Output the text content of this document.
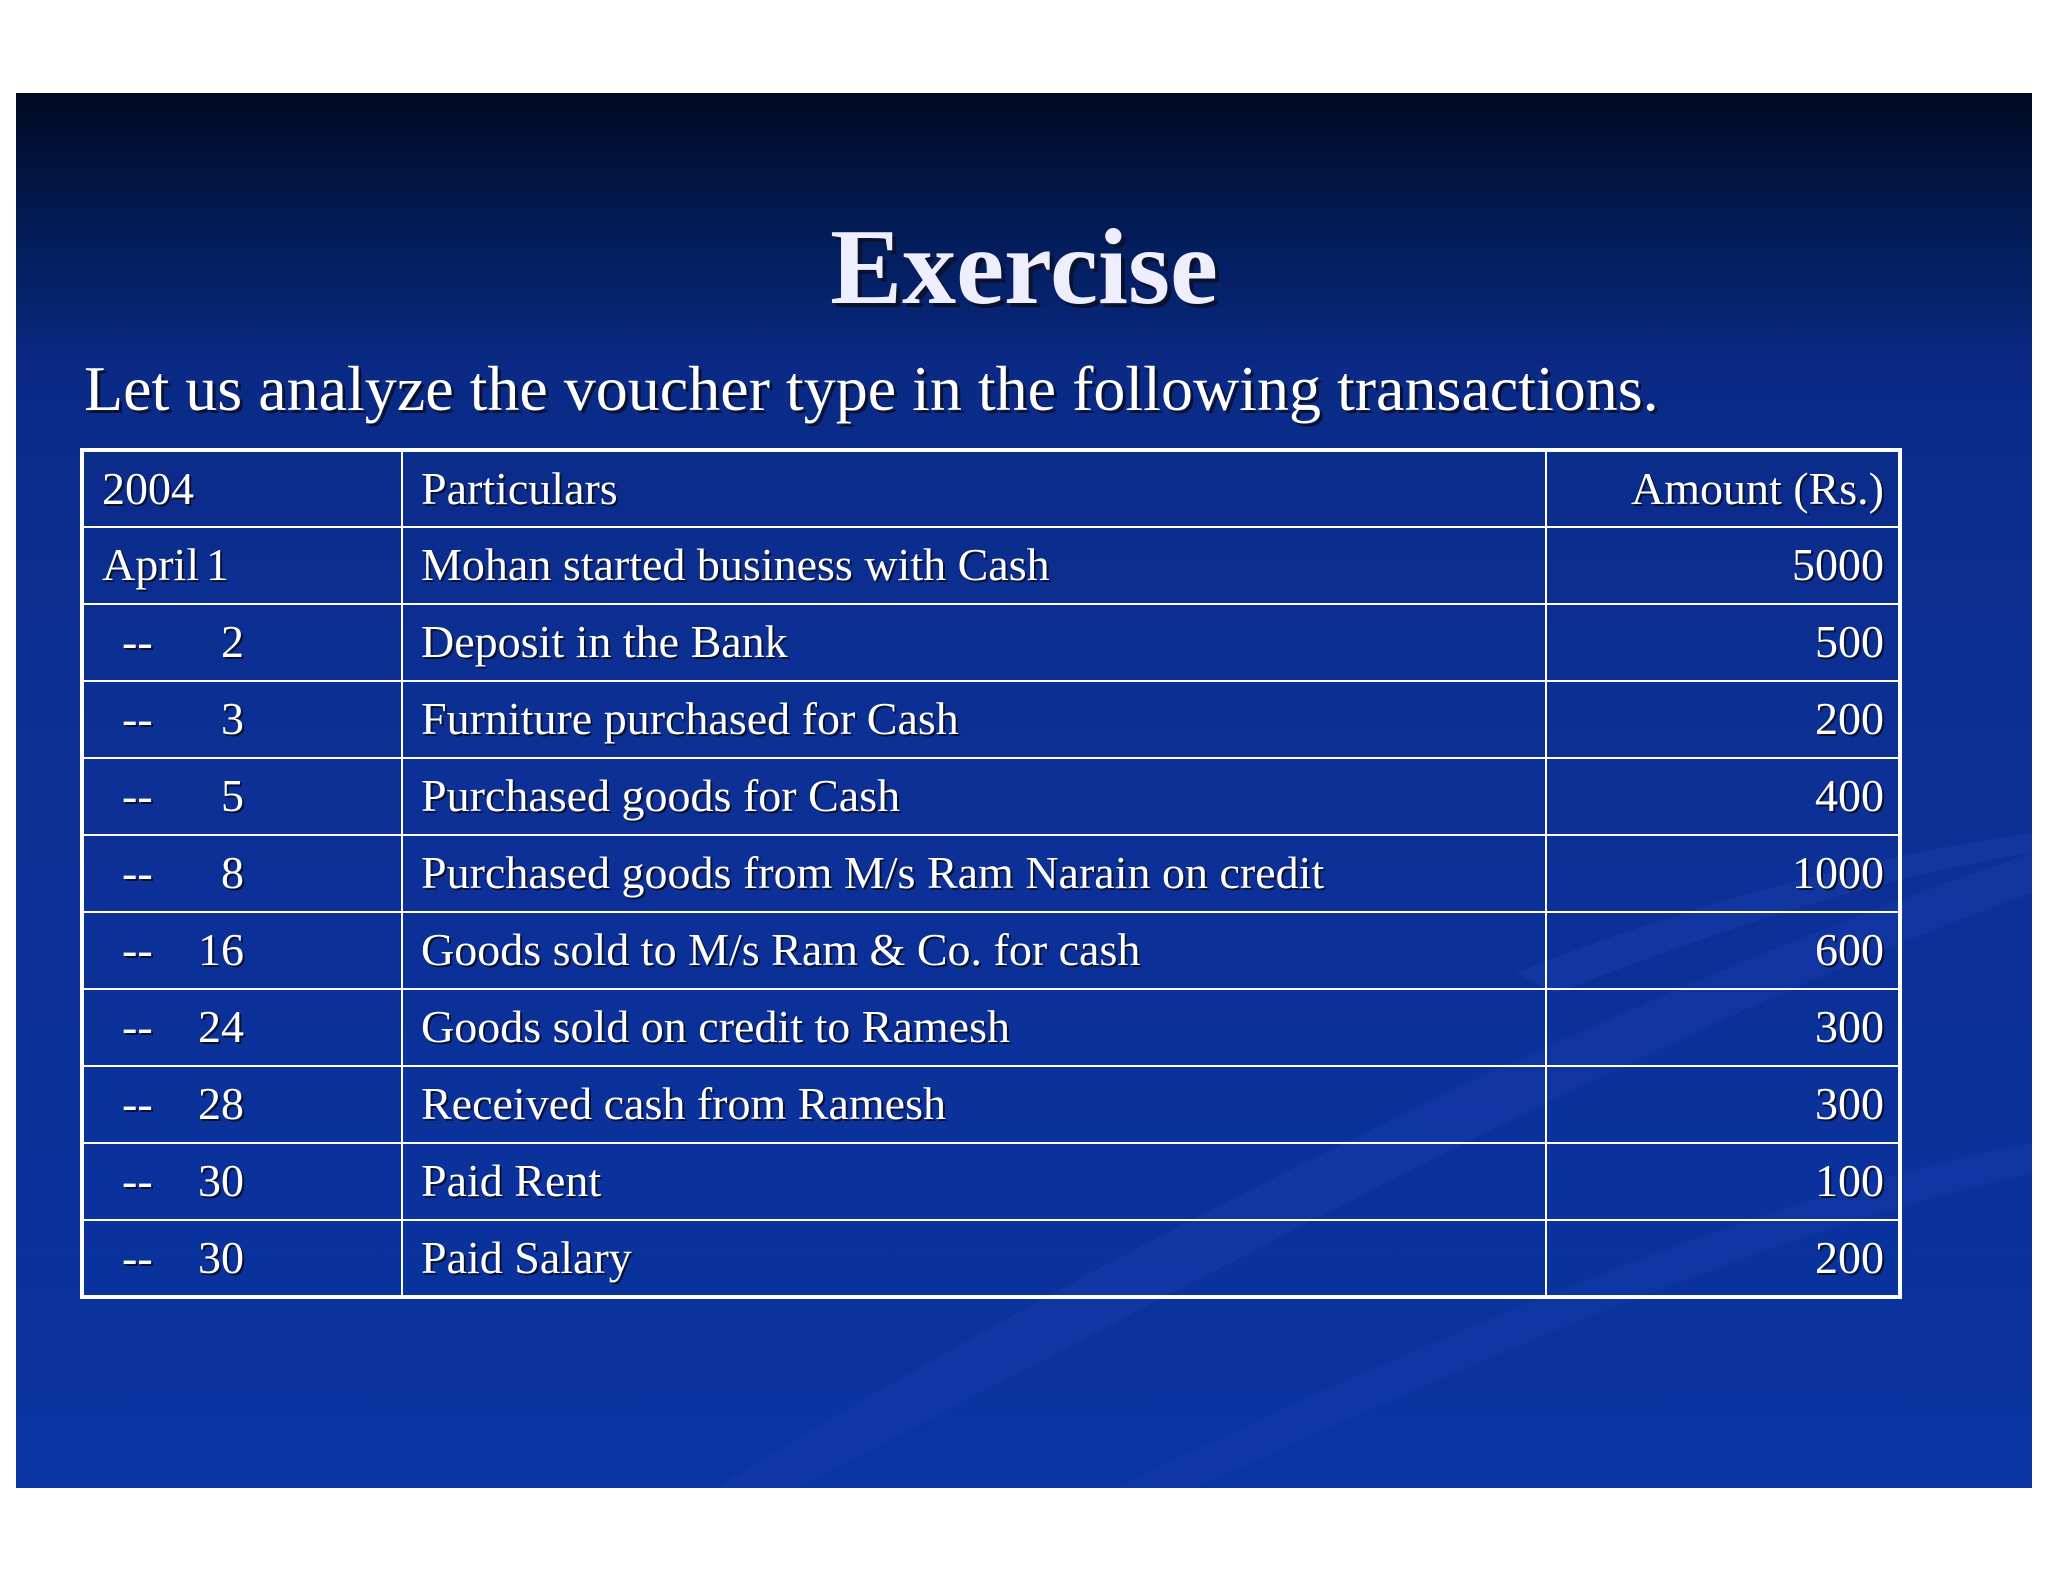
Exercise
Let us analyze the voucher type in the following transactions.
2004	Particulars	Amount (Rs.)
April 1	Mohan started business with Cash	5000
-- 2	Deposit in the Bank	500
-- 3	Furniture purchased for Cash	200
-- 5	Purchased goods for Cash	400
-- 8	Purchased goods from M/s Ram Narain on credit	1000
-- 16	Goods sold to M/s Ram & Co. for cash	600
-- 24	Goods sold on credit to Ramesh	300
-- 28	Received cash from Ramesh	300
-- 30	Paid Rent	100
-- 30	Paid Salary	200
